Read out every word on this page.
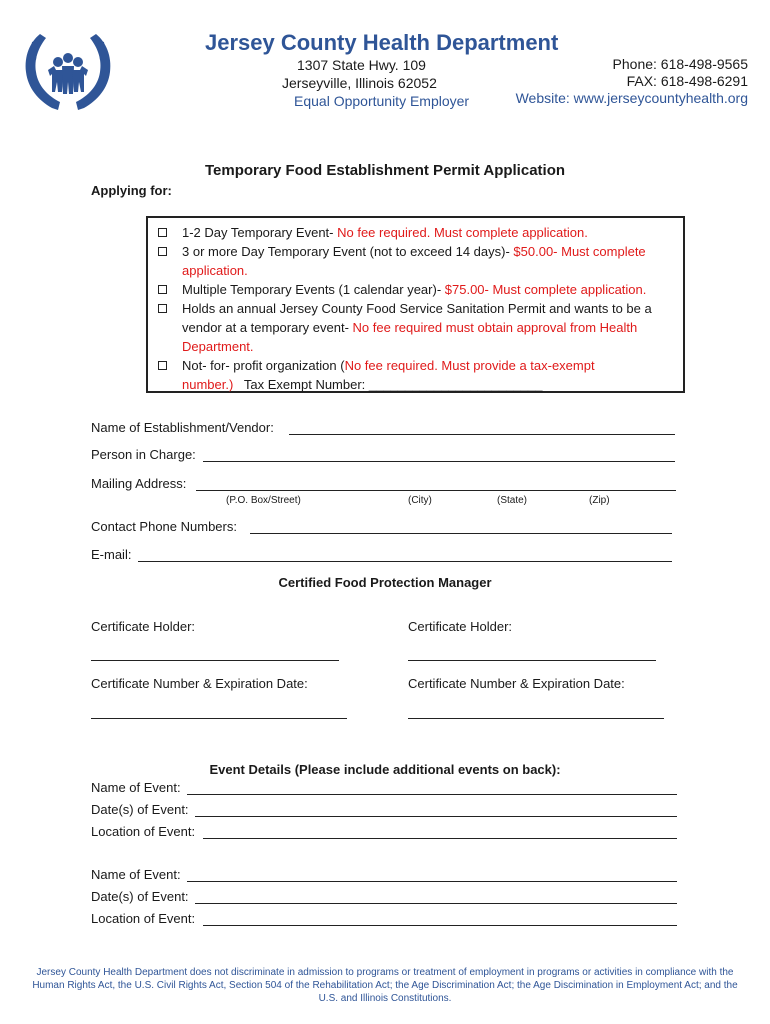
Jersey County Health Department
1307 State Hwy. 109
Jerseyville, Illinois 62052
Equal Opportunity Employer
Phone: 618-498-9565
FAX: 618-498-6291
Website: www.jerseycountyhealth.org
Temporary Food Establishment Permit Application
Applying for:
1-2 Day Temporary Event- No fee required. Must complete application.
3 or more Day Temporary Event (not to exceed 14 days)- $50.00- Must complete application.
Multiple Temporary Events (1 calendar year)- $75.00- Must complete application.
Holds an annual Jersey County Food Service Sanitation Permit and wants to be a vendor at a temporary event- No fee required must obtain approval from Health Department.
Not- for- profit organization (No fee required. Must provide a tax-exempt number.)   Tax Exempt Number: ________________________
Name of Establishment/Vendor:
Person in Charge:
Mailing Address:
(P.O. Box/Street)	(City)	(State)	(Zip)
Contact Phone Numbers:
E-mail:
Certified Food Protection Manager
Certificate Holder:	Certificate Holder:
Certificate Number & Expiration Date:	Certificate Number & Expiration Date:
Event Details (Please include additional events on back):
Name of Event:
Date(s) of Event:
Location of Event:
Name of Event:
Date(s) of Event:
Location of Event:
Jersey County Health Department does not discriminate in admission to programs or treatment of employment in programs or activities in compliance with the Human Rights Act, the U.S. Civil Rights Act, Section 504 of the Rehabilitation Act; the Age Discrimination Act; the Age Discimination in Employment Act; and the U.S. and Illinois Constitutions.
